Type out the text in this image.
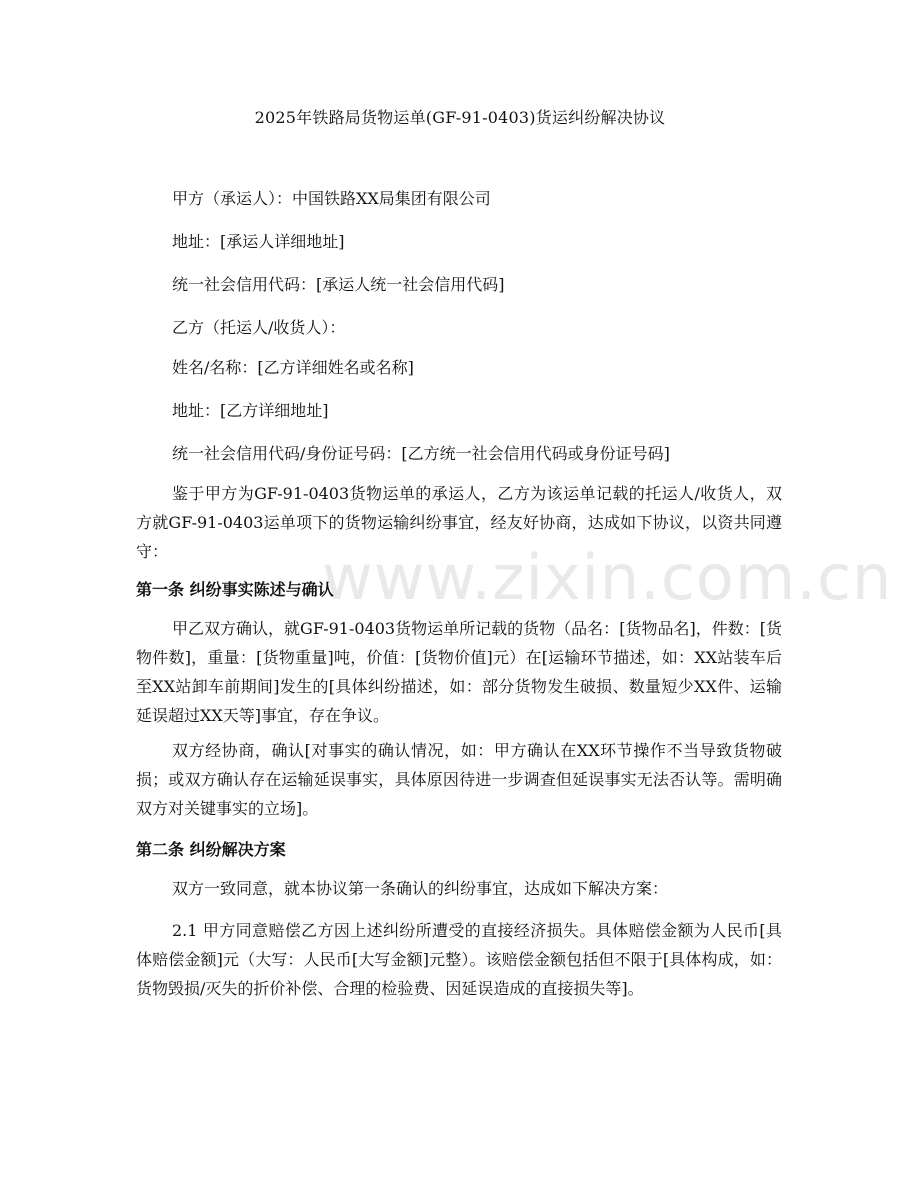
www.zixin.com.cn
2025年铁路局货物运单(GF-91-0403)货运纠纷解决协议
甲方（承运人）：中国铁路XX局集团有限公司
地址：[承运人详细地址]
统一社会信用代码：[承运人统一社会信用代码]
乙方（托运人/收货人）：
姓名/名称：[乙方详细姓名或名称]
地址：[乙方详细地址]
统一社会信用代码/身份证号码：[乙方统一社会信用代码或身份证号码]
鉴于甲方为GF-91-0403货物运单的承运人，乙方为该运单记载的托运人/收货人，双方就GF-91-0403运单项下的货物运输纠纷事宜，经友好协商，达成如下协议，以资共同遵守：
第一条 纠纷事实陈述与确认
甲乙双方确认，就GF-91-0403货物运单所记载的货物（品名：[货物品名]，件数：[货物件数]，重量：[货物重量]吨，价值：[货物价值]元）在[运输环节描述，如：XX站装车后至XX站卸车前期间]发生的[具体纠纷描述，如：部分货物发生破损、数量短少XX件、运输延误超过XX天等]事宜，存在争议。
双方经协商，确认[对事实的确认情况，如：甲方确认在XX环节操作不当导致货物破损；或双方确认存在运输延误事实，具体原因待进一步调查但延误事实无法否认等。需明确双方对关键事实的立场]。
第二条 纠纷解决方案
双方一致同意，就本协议第一条确认的纠纷事宜，达成如下解决方案：
2.1 甲方同意赔偿乙方因上述纠纷所遭受的直接经济损失。具体赔偿金额为人民币[具体赔偿金额]元（大写：人民币[大写金额]元整）。该赔偿金额包括但不限于[具体构成，如：货物毁损/灭失的折价补偿、合理的检验费、因延误造成的直接损失等]。
